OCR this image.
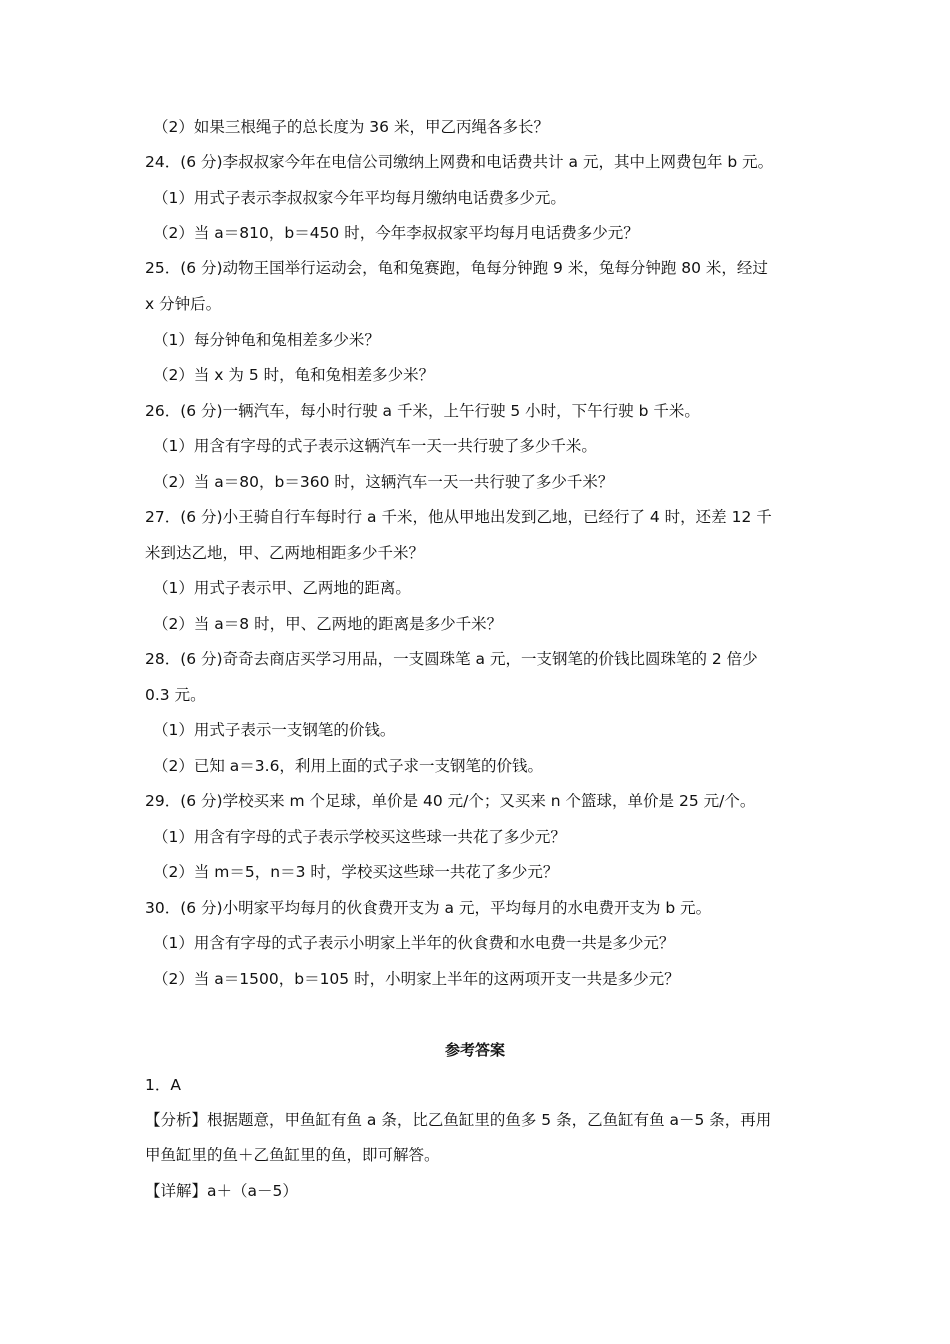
（2）如果三根绳子的总长度为 36 米，甲乙丙绳各多长？
24．(6 分)李叔叔家今年在电信公司缴纳上网费和电话费共计 a 元，其中上网费包年 b 元。
（1）用式子表示李叔叔家今年平均每月缴纳电话费多少元。
（2）当 a＝810，b＝450 时，今年李叔叔家平均每月电话费多少元？
25．(6 分)动物王国举行运动会，龟和兔赛跑，龟每分钟跑 9 米，兔每分钟跑 80 米，经过
x 分钟后。
（1）每分钟龟和兔相差多少米？
（2）当 x 为 5 时，龟和兔相差多少米？
26．(6 分)一辆汽车，每小时行驶 a 千米，上午行驶 5 小时，下午行驶 b 千米。
（1）用含有字母的式子表示这辆汽车一天一共行驶了多少千米。
（2）当 a＝80，b＝360 时，这辆汽车一天一共行驶了多少千米？
27．(6 分)小王骑自行车每时行 a 千米，他从甲地出发到乙地，已经行了 4 时，还差 12 千
米到达乙地，甲、乙两地相距多少千米？
（1）用式子表示甲、乙两地的距离。
（2）当 a＝8 时，甲、乙两地的距离是多少千米？
28．(6 分)奇奇去商店买学习用品，一支圆珠笔 a 元，一支钢笔的价钱比圆珠笔的 2 倍少
0.3 元。
（1）用式子表示一支钢笔的价钱。
（2）已知 a＝3.6，利用上面的式子求一支钢笔的价钱。
29．(6 分)学校买来 m 个足球，单价是 40 元/个；又买来 n 个篮球，单价是 25 元/个。
（1）用含有字母的式子表示学校买这些球一共花了多少元？
（2）当 m＝5，n＝3 时，学校买这些球一共花了多少元？
30．(6 分)小明家平均每月的伙食费开支为 a 元，平均每月的水电费开支为 b 元。
（1）用含有字母的式子表示小明家上半年的伙食费和水电费一共是多少元？
（2）当 a＝1500，b＝105 时，小明家上半年的这两项开支一共是多少元？
参考答案
1．A
【分析】根据题意，甲鱼缸有鱼 a 条，比乙鱼缸里的鱼多 5 条，乙鱼缸有鱼 a－5 条，再用
甲鱼缸里的鱼＋乙鱼缸里的鱼，即可解答。
【详解】a＋（a－5）
